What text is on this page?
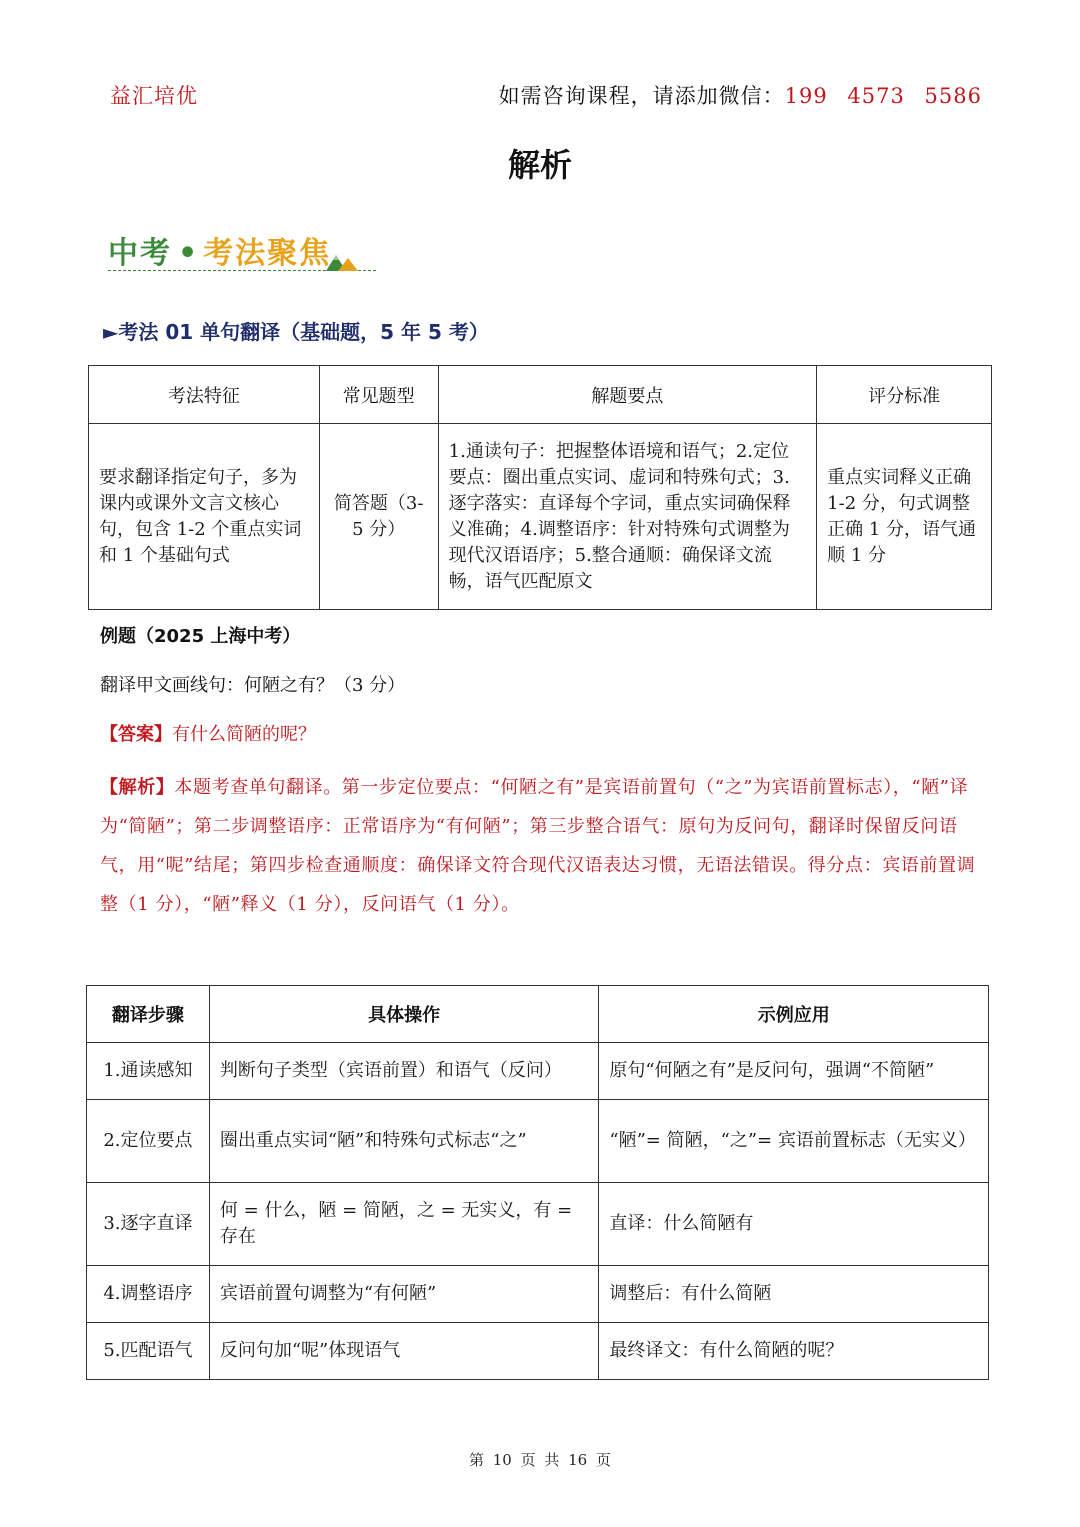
益汇培优	如需咨询课程，请添加微信：199 4573 5586
解析
中考 • 考法聚焦
►考法 01 单句翻译（基础题，5 年 5 考）
考法特征	常见题型	解题要点	评分标准
要求翻译指定句子，多为课内或课外文言文核心句，包含 1-2 个重点实词和 1 个基础句式	简答题（3-5 分）	1.通读句子：把握整体语境和语气；2.定位要点：圈出重点实词、虚词和特殊句式；3.逐字落实：直译每个字词，重点实词确保释义准确；4.调整语序：针对特殊句式调整为现代汉语语序；5.整合通顺：确保译文流畅，语气匹配原文	重点实词释义正确 1-2 分，句式调整正确 1 分，语气通顺 1 分
例题（2025 上海中考）
翻译甲文画线句：何陋之有？（3 分）
【答案】有什么简陋的呢？
【解析】本题考查单句翻译。第一步定位要点：“何陋之有”是宾语前置句（“之”为宾语前置标志），“陋”译为“简陋”；第二步调整语序：正常语序为“有何陋”；第三步整合语气：原句为反问句，翻译时保留反问语气，用“呢”结尾；第四步检查通顺度：确保译文符合现代汉语表达习惯，无语法错误。得分点：宾语前置调整（1 分），“陋”释义（1 分），反问语气（1 分）。
翻译步骤	具体操作	示例应用
1.通读感知	判断句子类型（宾语前置）和语气（反问）	原句“何陋之有”是反问句，强调“不简陋”
2.定位要点	圈出重点实词“陋”和特殊句式标志“之”	“陋”= 简陋，“之”= 宾语前置标志（无实义）
3.逐字直译	何 = 什么，陋 = 简陋，之 = 无实义，有 = 存在	直译：什么简陋有
4.调整语序	宾语前置句调整为“有何陋”	调整后：有什么简陋
5.匹配语气	反问句加“呢”体现语气	最终译文：有什么简陋的呢？
第 10 页 共 16 页
